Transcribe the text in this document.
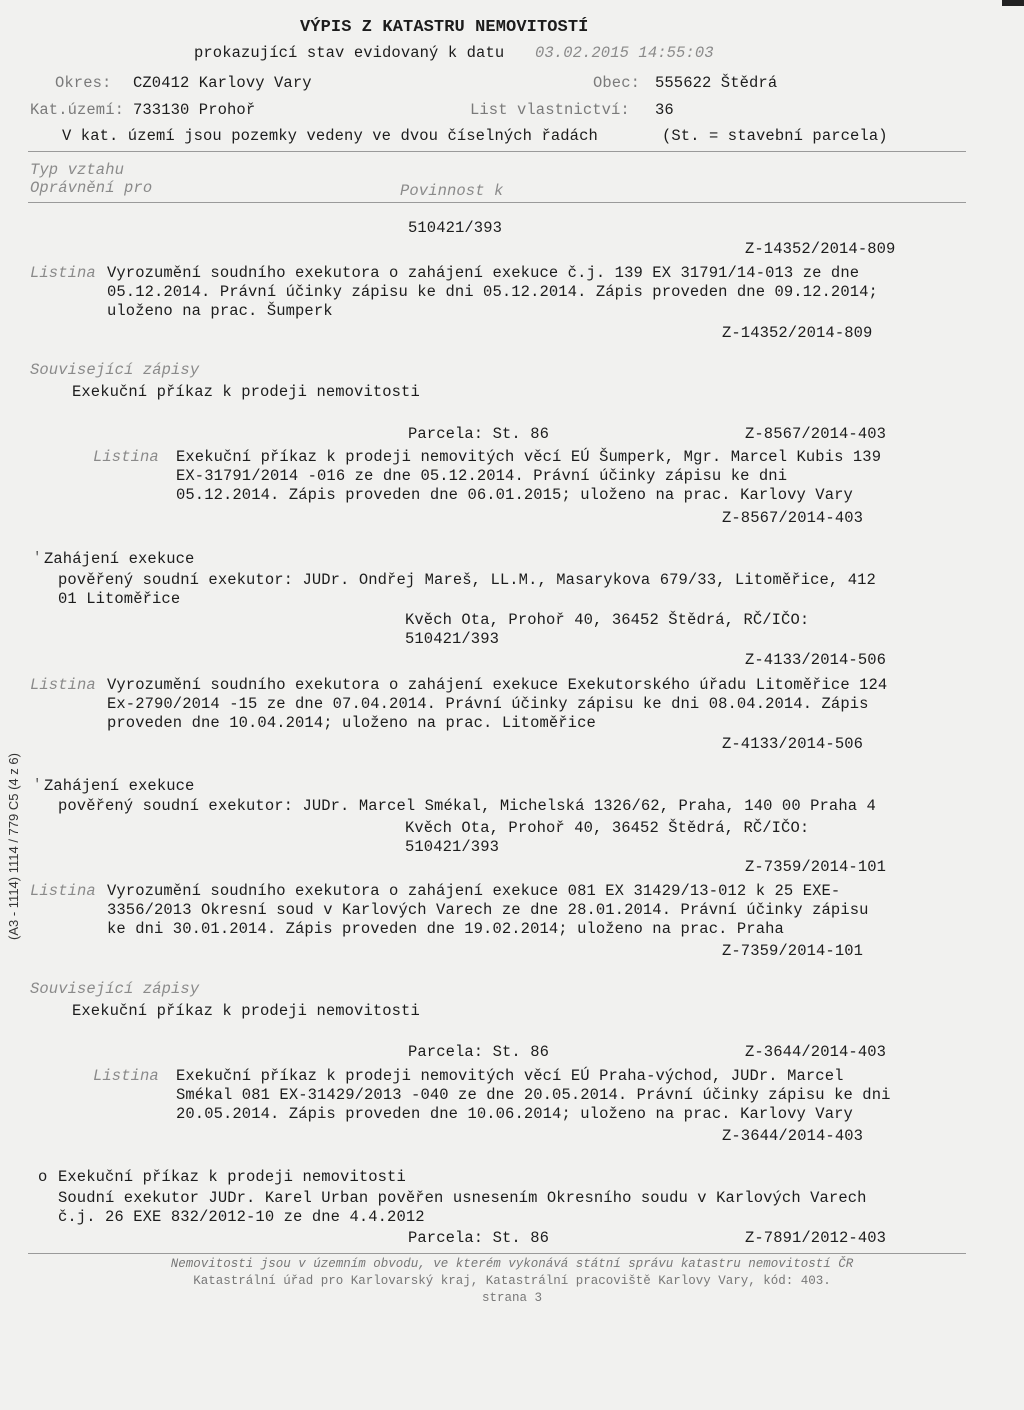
VÝPIS Z KATASTRU NEMOVITOSTÍ
prokazující stav evidovaný k datu 03.02.2015 14:55:03
Okres: CZ0412 Karlovy Vary	Obec: 555622 Štědrá
Kat.území: 733130 Prohoř	List vlastnictví: 36
V kat. území jsou pozemky vedeny ve dvou číselných řadách	(St. = stavební parcela)
Typ vztahu
Oprávnění pro	Povinnost k
510421/393
Z-14352/2014-809
Listina Vyrozumění soudního exekutora o zahájení exekuce č.j. 139 EX 31791/14-013 ze dne
05.12.2014. Právní účinky zápisu ke dni 05.12.2014. Zápis proveden dne 09.12.2014;
uloženo na prac. Šumperk
Z-14352/2014-809
Související zápisy
Exekuční příkaz k prodeji nemovitosti
Parcela: St. 86	Z-8567/2014-403
Listina Exekuční příkaz k prodeji nemovitých věcí EÚ Šumperk, Mgr. Marcel Kubis 139
EX-31791/2014 -016 ze dne 05.12.2014. Právní účinky zápisu ke dni
05.12.2014. Zápis proveden dne 06.01.2015; uloženo na prac. Karlovy Vary
Z-8567/2014-403
' Zahájení exekuce
pověřený soudní exekutor: JUDr. Ondřej Mareš, LL.M., Masarykova 679/33, Litoměřice, 412
01 Litoměřice
Kvěch Ota, Prohoř 40, 36452 Štědrá, RČ/IČO:
510421/393
Z-4133/2014-506
Listina Vyrozumění soudního exekutora o zahájení exekuce Exekutorského úřadu Litoměřice 124
Ex-2790/2014 -15 ze dne 07.04.2014. Právní účinky zápisu ke dni 08.04.2014. Zápis
proveden dne 10.04.2014; uloženo na prac. Litoměřice
Z-4133/2014-506
' Zahájení exekuce
pověřený soudní exekutor: JUDr. Marcel Smékal, Michelská 1326/62, Praha, 140 00 Praha 4
Kvěch Ota, Prohoř 40, 36452 Štědrá, RČ/IČO:
510421/393
Z-7359/2014-101
Listina Vyrozumění soudního exekutora o zahájení exekuce 081 EX 31429/13-012 k 25 EXE-
3356/2013 Okresní soud v Karlových Varech ze dne 28.01.2014. Právní účinky zápisu
ke dni 30.01.2014. Zápis proveden dne 19.02.2014; uloženo na prac. Praha
Z-7359/2014-101
Související zápisy
Exekuční příkaz k prodeji nemovitosti
Parcela: St. 86	Z-3644/2014-403
Listina Exekuční příkaz k prodeji nemovitých věcí EÚ Praha-východ, JUDr. Marcel
Smékal 081 EX-31429/2013 -040 ze dne 20.05.2014. Právní účinky zápisu ke dni
20.05.2014. Zápis proveden dne 10.06.2014; uloženo na prac. Karlovy Vary
Z-3644/2014-403
o Exekuční příkaz k prodeji nemovitosti
Soudní exekutor JUDr. Karel Urban pověřen usnesením Okresního soudu v Karlových Varech
č.j. 26 EXE 832/2012-10 ze dne 4.4.2012
Parcela: St. 86	Z-7891/2012-403
Nemovitosti jsou v územním obvodu, ve kterém vykonává státní správu katastru nemovitostí ČR
Katastrální úřad pro Karlovarský kraj, Katastrální pracoviště Karlovy Vary, kód: 403.
strana 3
(A3 - 1114) 1114 / 779 C5 (4 z 6)
